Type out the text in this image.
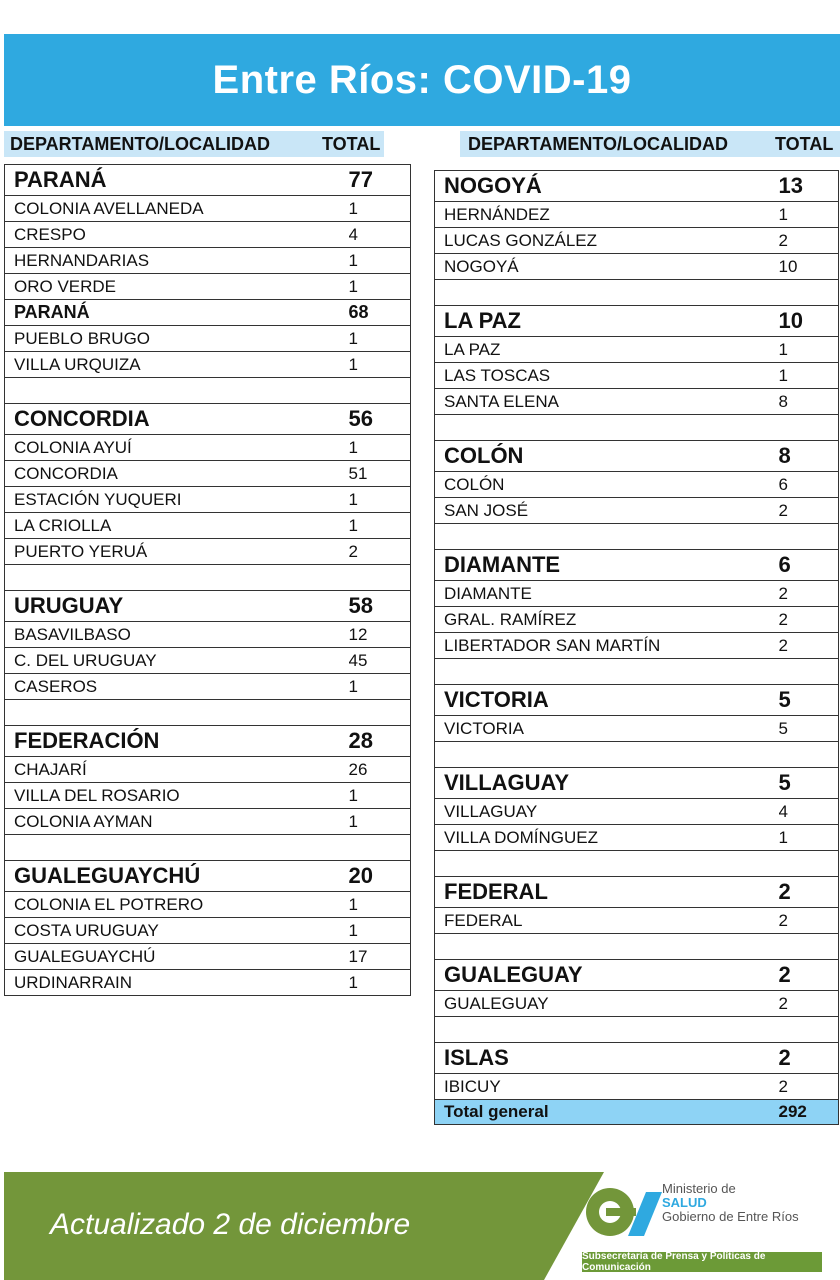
Entre Ríos: COVID-19
DEPARTAMENTO/LOCALIDAD	TOTAL	DEPARTAMENTO/LOCALIDAD	TOTAL
PARANÁ	77
COLONIA AVELLANEDA	1
CRESPO	4
HERNANDARIAS	1
ORO VERDE	1
PARANÁ	68
PUEBLO BRUGO	1
VILLA URQUIZA	1

CONCORDIA	56
COLONIA AYUÍ	1
CONCORDIA	51
ESTACIÓN YUQUERI	1
LA CRIOLLA	1
PUERTO YERUÁ	2

URUGUAY	58
BASAVILBASO	12
C. DEL URUGUAY	45
CASEROS	1

FEDERACIÓN	28
CHAJARÍ	26
VILLA DEL ROSARIO	1
COLONIA AYMAN	1

GUALEGUAYCHÚ	20
COLONIA EL POTRERO	1
COSTA URUGUAY	1
GUALEGUAYCHÚ	17
URDINARRAIN	1
NOGOYÁ	13
HERNÁNDEZ	1
LUCAS GONZÁLEZ	2
NOGOYÁ	10

LA PAZ	10
LA PAZ	1
LAS TOSCAS	1
SANTA ELENA	8

COLÓN	8
COLÓN	6
SAN JOSÉ	2

DIAMANTE	6
DIAMANTE	2
GRAL. RAMÍREZ	2
LIBERTADOR SAN MARTÍN	2

VICTORIA	5
VICTORIA	5

VILLAGUAY	5
VILLAGUAY	4
VILLA DOMÍNGUEZ	1

FEDERAL	2
FEDERAL	2

GUALEGUAY	2
GUALEGUAY	2

ISLAS	2
IBICUY	2
Total general	292
Actualizado 2 de diciembre
Ministerio de
SALUD
Gobierno de Entre Ríos
Subsecretaría de Prensa y Políticas de Comunicación
